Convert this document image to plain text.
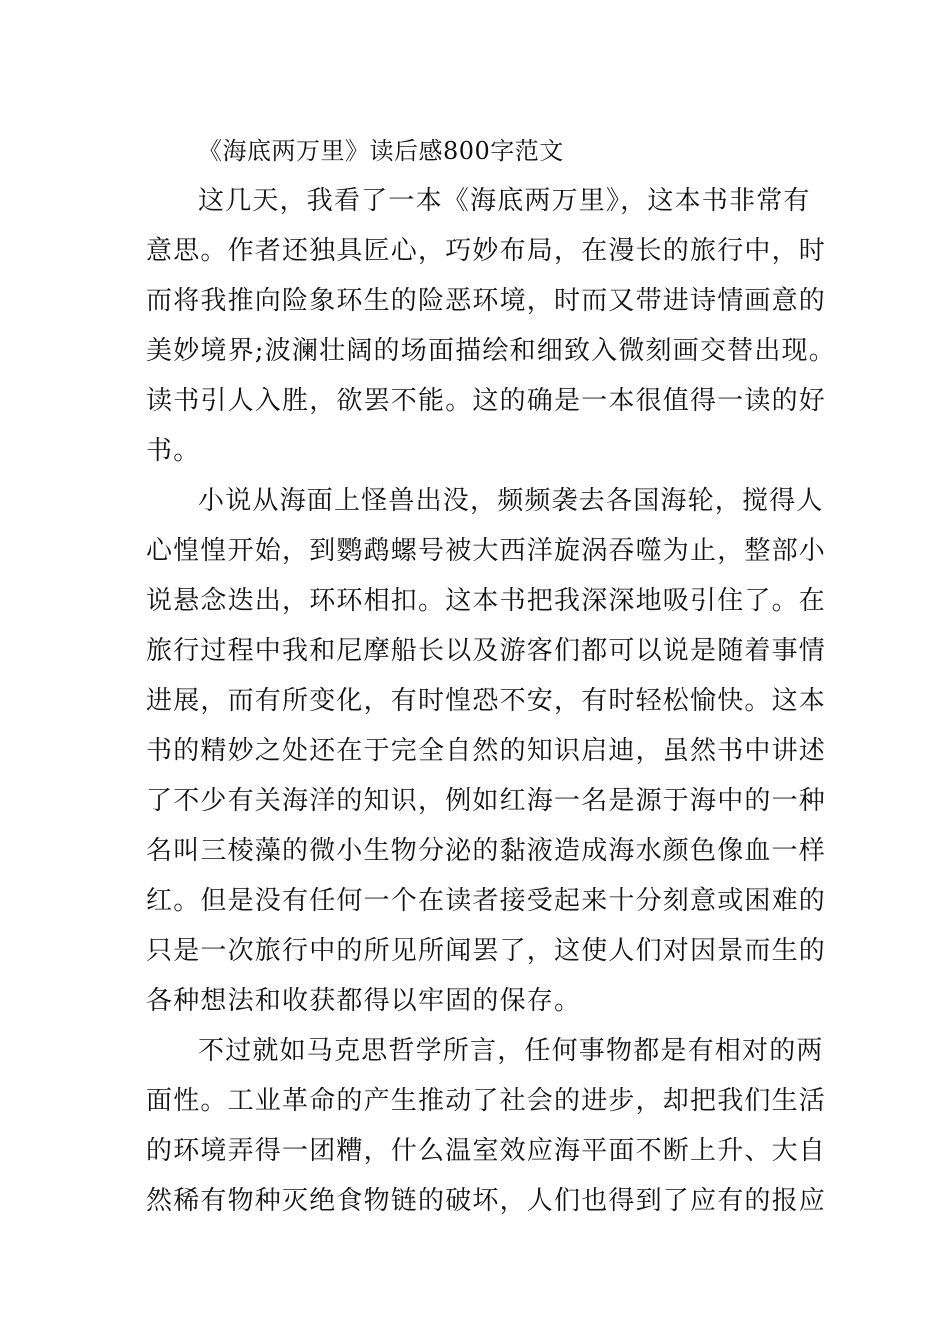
《海底两万里》读后感800字范文
这几天，我看了一本《海底两万里》，这本书非常有
意思。作者还独具匠心，巧妙布局，在漫长的旅行中，时
而将我推向险象环生的险恶环境，时而又带进诗情画意的
美妙境界;波澜壮阔的场面描绘和细致入微刻画交替出现。
读书引人入胜，欲罢不能。这的确是一本很值得一读的好
书。
小说从海面上怪兽出没，频频袭去各国海轮，搅得人
心惶惶开始，到鹦鹉螺号被大西洋旋涡吞噬为止，整部小
说悬念迭出，环环相扣。这本书把我深深地吸引住了。在
旅行过程中我和尼摩船长以及游客们都可以说是随着事情
进展，而有所变化，有时惶恐不安，有时轻松愉快。这本
书的精妙之处还在于完全自然的知识启迪，虽然书中讲述
了不少有关海洋的知识，例如红海一名是源于海中的一种
名叫三棱藻的微小生物分泌的黏液造成海水颜色像血一样
红。但是没有任何一个在读者接受起来十分刻意或困难的
只是一次旅行中的所见所闻罢了，这使人们对因景而生的
各种想法和收获都得以牢固的保存。
不过就如马克思哲学所言，任何事物都是有相对的两
面性。工业革命的产生推动了社会的进步，却把我们生活
的环境弄得一团糟，什么温室效应海平面不断上升、大自
然稀有物种灭绝食物链的破坏，人们也得到了应有的报应
